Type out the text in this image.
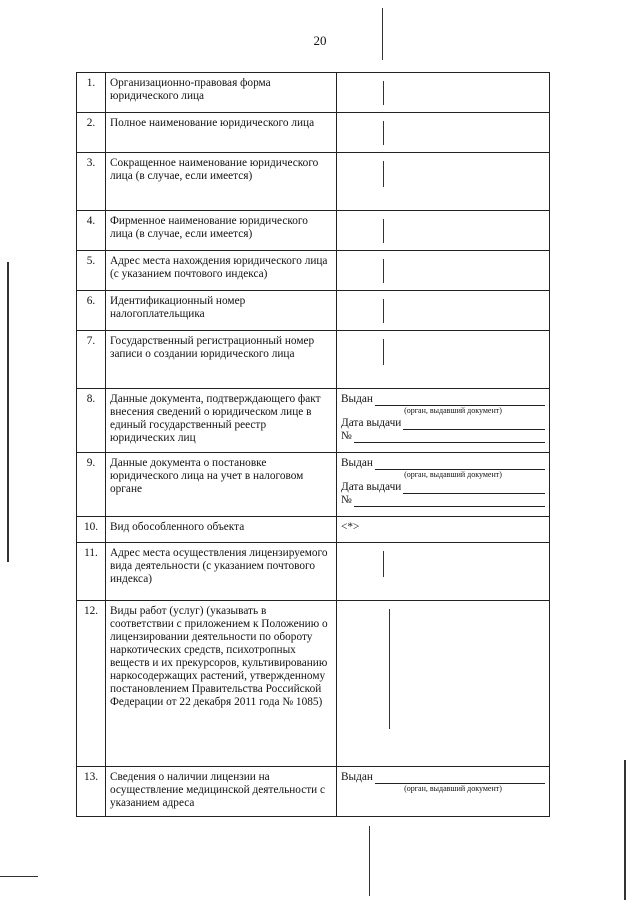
20
1.	Организационно-правовая форма юридического лица	

2.	Полное наименование юридического лица	

3.	Сокращенное наименование юридического лица (в случае, если имеется)	

4.	Фирменное наименование юридического лица (в случае, если имеется)	

5.	Адрес места нахождения юридического лица (с указанием почтового индекса)	

6.	Идентификационный номер налогоплательщика	

7.	Государственный регистрационный номер записи о создании юридического лица	

8.	Данные документа, подтверждающего факт внесения сведений о юридическом лице в единый государственный реестр юридических лиц	Выдан
(орган, выдавший документ)
Дата выдачи
№

9.	Данные документа о постановке юридического лица на учет в налоговом органе	Выдан
(орган, выдавший документ)
Дата выдачи
№

10.	Вид обособленного объекта	<*>
11.	Адрес места осуществления лицензируемого вида деятельности (с указанием почтового индекса)	

12.	Виды работ (услуг) (указывать в соответствии с приложением к Положению о лицензировании деятельности по обороту наркотических средств, психотропных веществ и их прекурсоров, культивированию наркосодержащих растений, утвержденному постановлением Правительства Российской Федерации от 22 декабря 2011 года № 1085)	

13.	Сведения о наличии лицензии на осуществление медицинской деятельности с указанием адреса	Выдан
(орган, выдавший документ)
